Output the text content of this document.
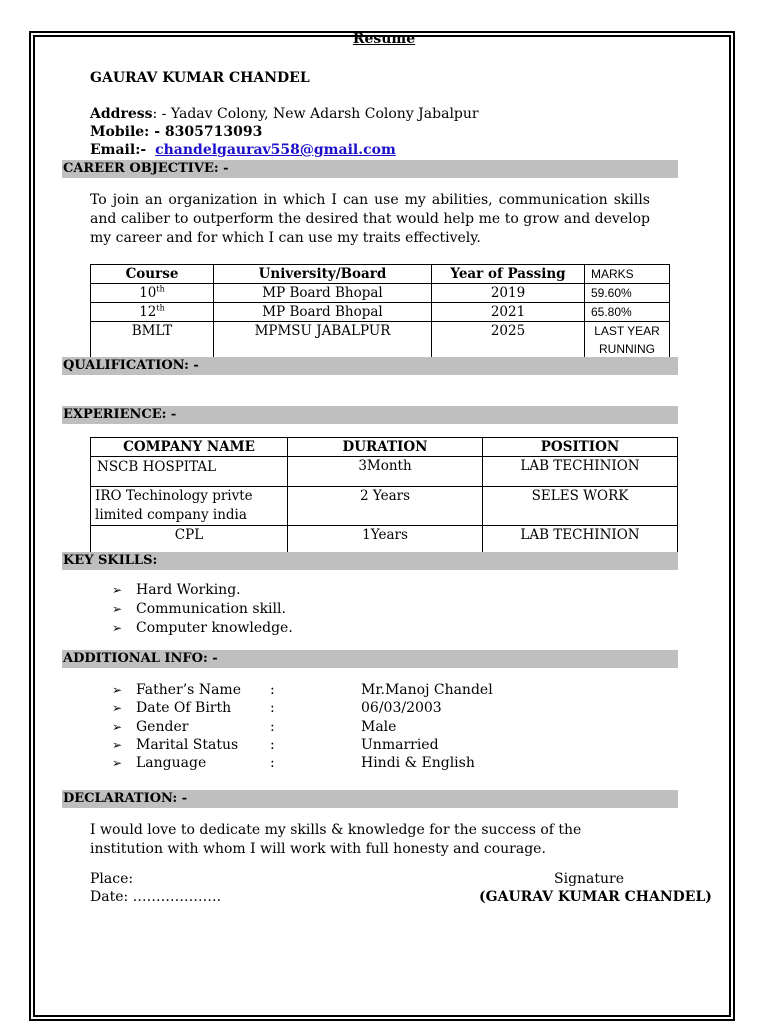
Resume
GAURAV KUMAR CHANDEL
Address: - Yadav Colony, New Adarsh Colony Jabalpur
Mobile: - 8305713093
Email:- chandelgaurav558@gmail.com
CAREER OBJECTIVE: -
To join an organization in which I can use my abilities, communication skills and caliber to outperform the desired that would help me to grow and develop my career and for which I can use my traits effectively.
Course	University/Board	Year of Passing	MARKS
10th	MP Board Bhopal	2019	59.60%
12th	MP Board Bhopal	2021	65.80%
BMLT	MPMSU JABALPUR	2025	LAST YEAR RUNNING
QUALIFICATION: -
EXPERIENCE: -
COMPANY NAME	DURATION	POSITION
NSCB HOSPITAL	3Month	LAB TECHINION
IRO Techinology privte limited company india	2 Years	SELES WORK
CPL	1Years	LAB TECHINION
KEY SKILLS:
➢ Hard Working.
➢ Communication skill.
➢ Computer knowledge.
ADDITIONAL INFO: -
➢ Father’s Name :	Mr.Manoj Chandel
➢ Date Of Birth	:	06/03/2003
➢ Gender	:	Male
➢ Marital Status :	Unmarried
➢ Language	:	Hindi & English
DECLARATION: -
I would love to dedicate my skills & knowledge for the success of the institution with whom I will work with full honesty and courage.
Place:
Date: ……………….
Signature
(GAURAV KUMAR CHANDEL)
